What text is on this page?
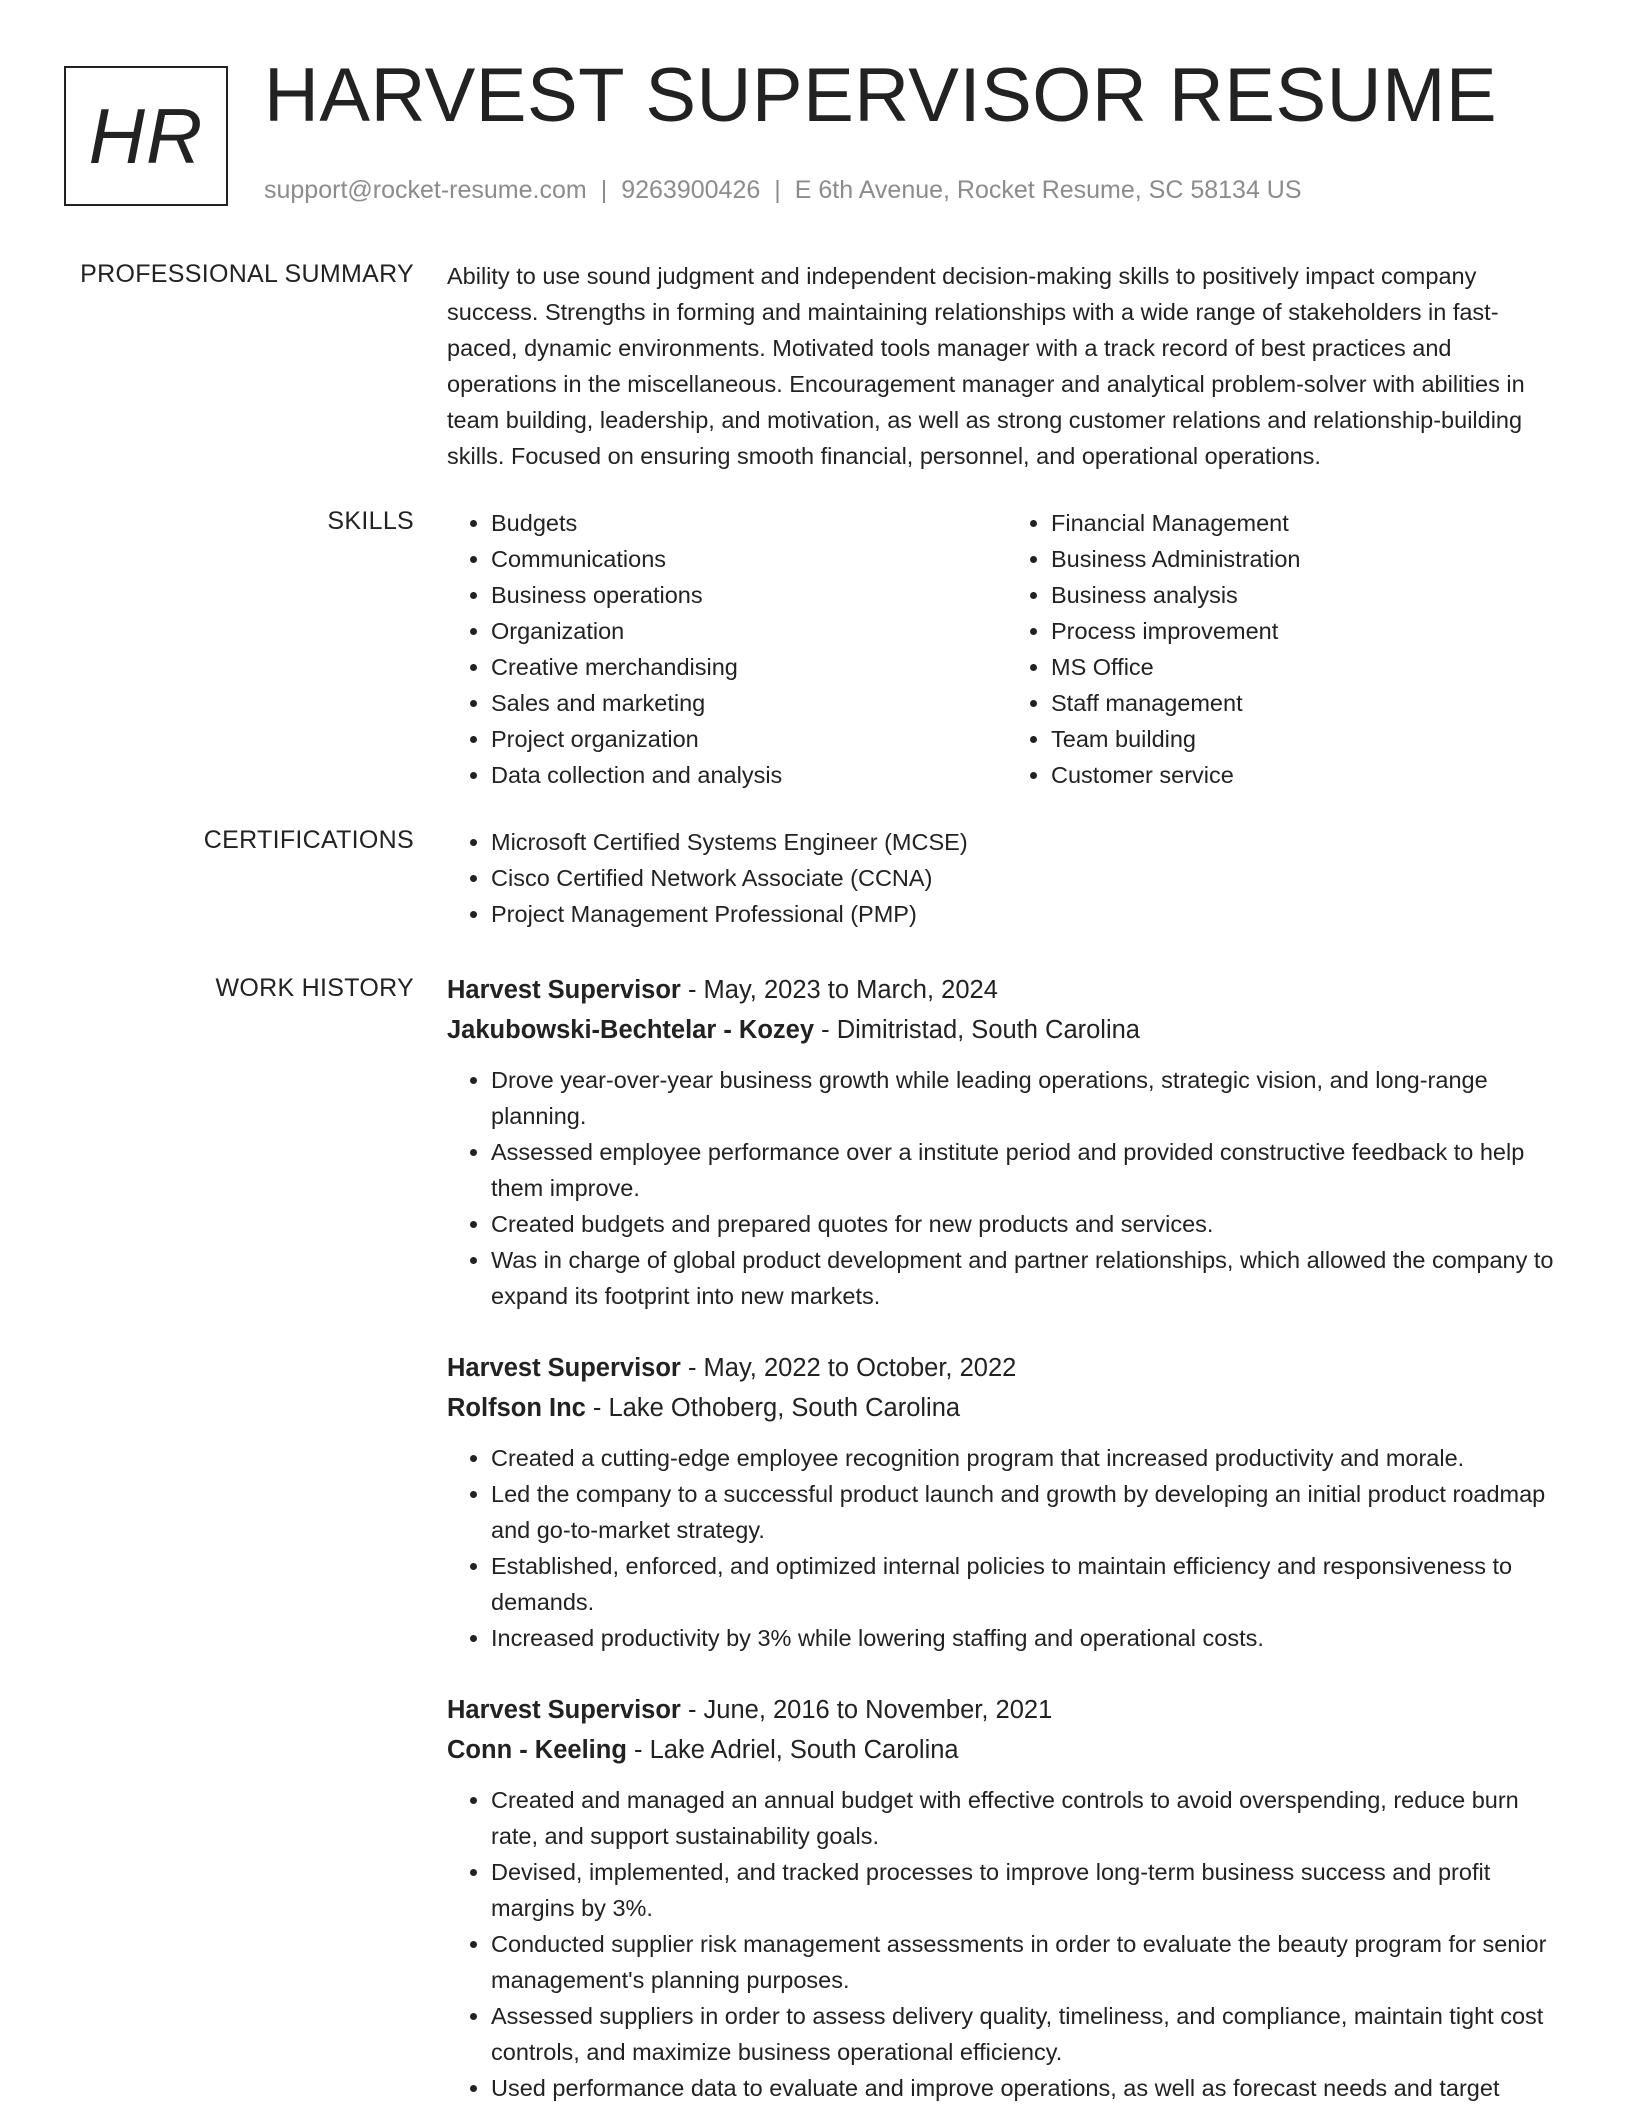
HR HARVEST SUPERVISOR RESUME
support@rocket-resume.com | 9263900426 | E 6th Avenue, Rocket Resume, SC 58134 US
PROFESSIONAL SUMMARY Ability to use sound judgment and independent decision-making skills to positively impact company success. Strengths in forming and maintaining relationships with a wide range of stakeholders in fast-paced, dynamic environments. Motivated tools manager with a track record of best practices and operations in the miscellaneous. Encouragement manager and analytical problem-solver with abilities in team building, leadership, and motivation, as well as strong customer relations and relationship-building skills. Focused on ensuring smooth financial, personnel, and operational operations.
SKILLS	• Budgets
• Communications
• Business operations
• Organization
• Creative merchandising
• Sales and marketing
• Project organization
• Data collection and analysis
• Financial Management
• Business Administration
• Business analysis
• Process improvement
• MS Office
• Staff management
• Team building
• Customer service
CERTIFICATIONS	• Microsoft Certified Systems Engineer (MCSE)
• Cisco Certified Network Associate (CCNA)
• Project Management Professional (PMP)
WORK HISTORY Harvest Supervisor - May, 2023 to March, 2024
Jakubowski-Bechtelar - Kozey - Dimitristad, South Carolina
• Drove year-over-year business growth while leading operations, strategic vision, and long-range planning.
• Assessed employee performance over a institute period and provided constructive feedback to help them improve.
• Created budgets and prepared quotes for new products and services.
• Was in charge of global product development and partner relationships, which allowed the company to expand its footprint into new markets.
Harvest Supervisor - May, 2022 to October, 2022
Rolfson Inc - Lake Othoberg, South Carolina
• Created a cutting-edge employee recognition program that increased productivity and morale.
• Led the company to a successful product launch and growth by developing an initial product roadmap and go-to-market strategy.
• Established, enforced, and optimized internal policies to maintain efficiency and responsiveness to demands.
• Increased productivity by 3% while lowering staffing and operational costs.
Harvest Supervisor - June, 2016 to November, 2021
Conn - Keeling - Lake Adriel, South Carolina
• Created and managed an annual budget with effective controls to avoid overspending, reduce burn rate, and support sustainability goals.
• Devised, implemented, and tracked processes to improve long-term business success and profit margins by 3%.
• Conducted supplier risk management assessments in order to evaluate the beauty program for senior management's planning purposes.
• Assessed suppliers in order to assess delivery quality, timeliness, and compliance, maintain tight cost controls, and maximize business operational efficiency.
• Used performance data to evaluate and improve operations, as well as forecast needs and target
